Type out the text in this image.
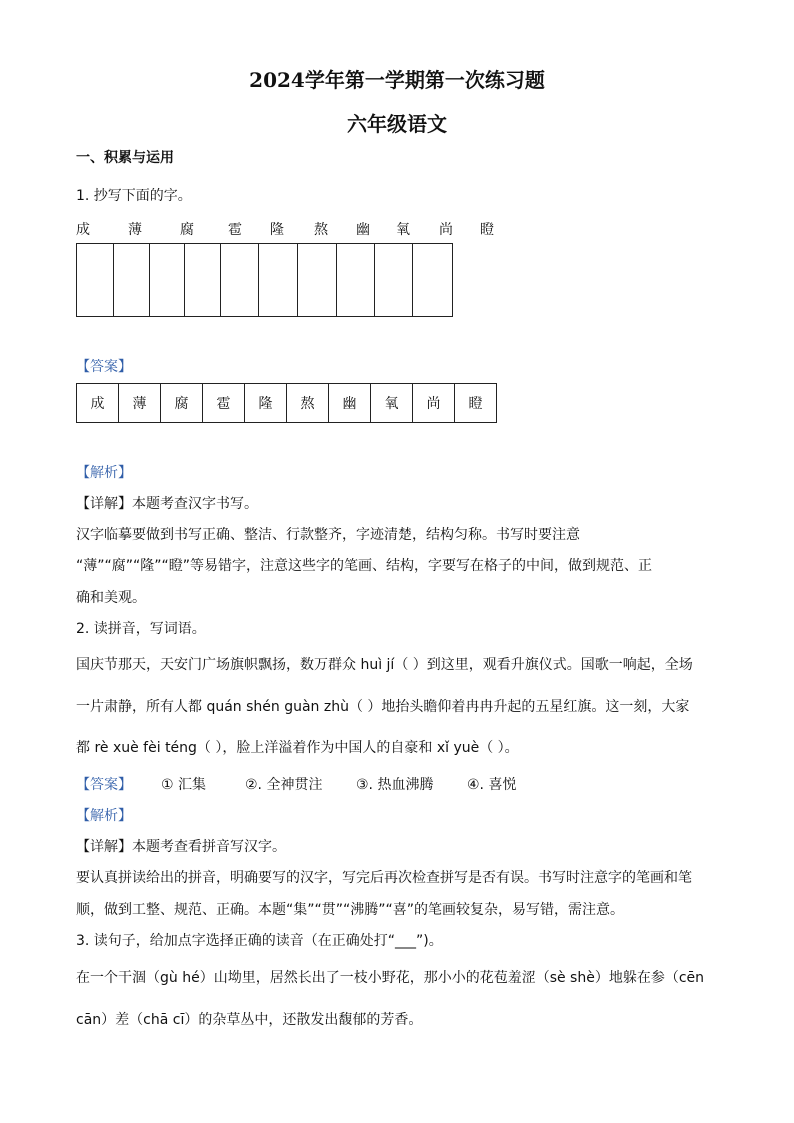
2024学年第一学期第一次练习题
六年级语文
一、积累与运用
1. 抄写下面的字。
成	薄	腐 雹 隆 熬 幽 氧 尚 瞪

【答案】
成	薄	腐	雹	隆	熬	幽	氧	尚	瞪
【解析】
【详解】本题考查汉字书写。
汉字临摹要做到书写正确、整洁、行款整齐，字迹清楚，结构匀称。书写时要注意
“薄”“腐”“隆”“瞪”等易错字，注意这些字的笔画、结构，字要写在格子的中间，做到规范、正
确和美观。
2. 读拼音，写词语。
国庆节那天，天安门广场旗帜飘扬，数万群众 huì jí（ ）到这里，观看升旗仪式。国歌一响起，全场
一片肃静，所有人都 quán shén guàn zhù（ ）地抬头瞻仰着冉冉升起的五星红旗。这一刻，大家
都 rè xuè fèi téng（ ），脸上洋溢着作为中国人的自豪和 xǐ yuè（ ）。
【答案】 ① 汇集	②. 全神贯注 ③. 热血沸腾 ④. 喜悦
【解析】
【详解】本题考查看拼音写汉字。
要认真拼读给出的拼音，明确要写的汉字，写完后再次检查拼写是否有误。书写时注意字的笔画和笔
顺，做到工整、规范、正确。本题“集”“贯”“沸腾”“喜”的笔画较复杂，易写错，需注意。
3. 读句子，给加点字选择正确的读音（在正确处打“___”)。
在一个干涸（gù hé）山坳里，居然长出了一枝小野花，那小小的花苞羞涩（sè shè）地躲在参（cēn
cān）差（chā cī）的杂草丛中，还散发出馥郁的芳香。
